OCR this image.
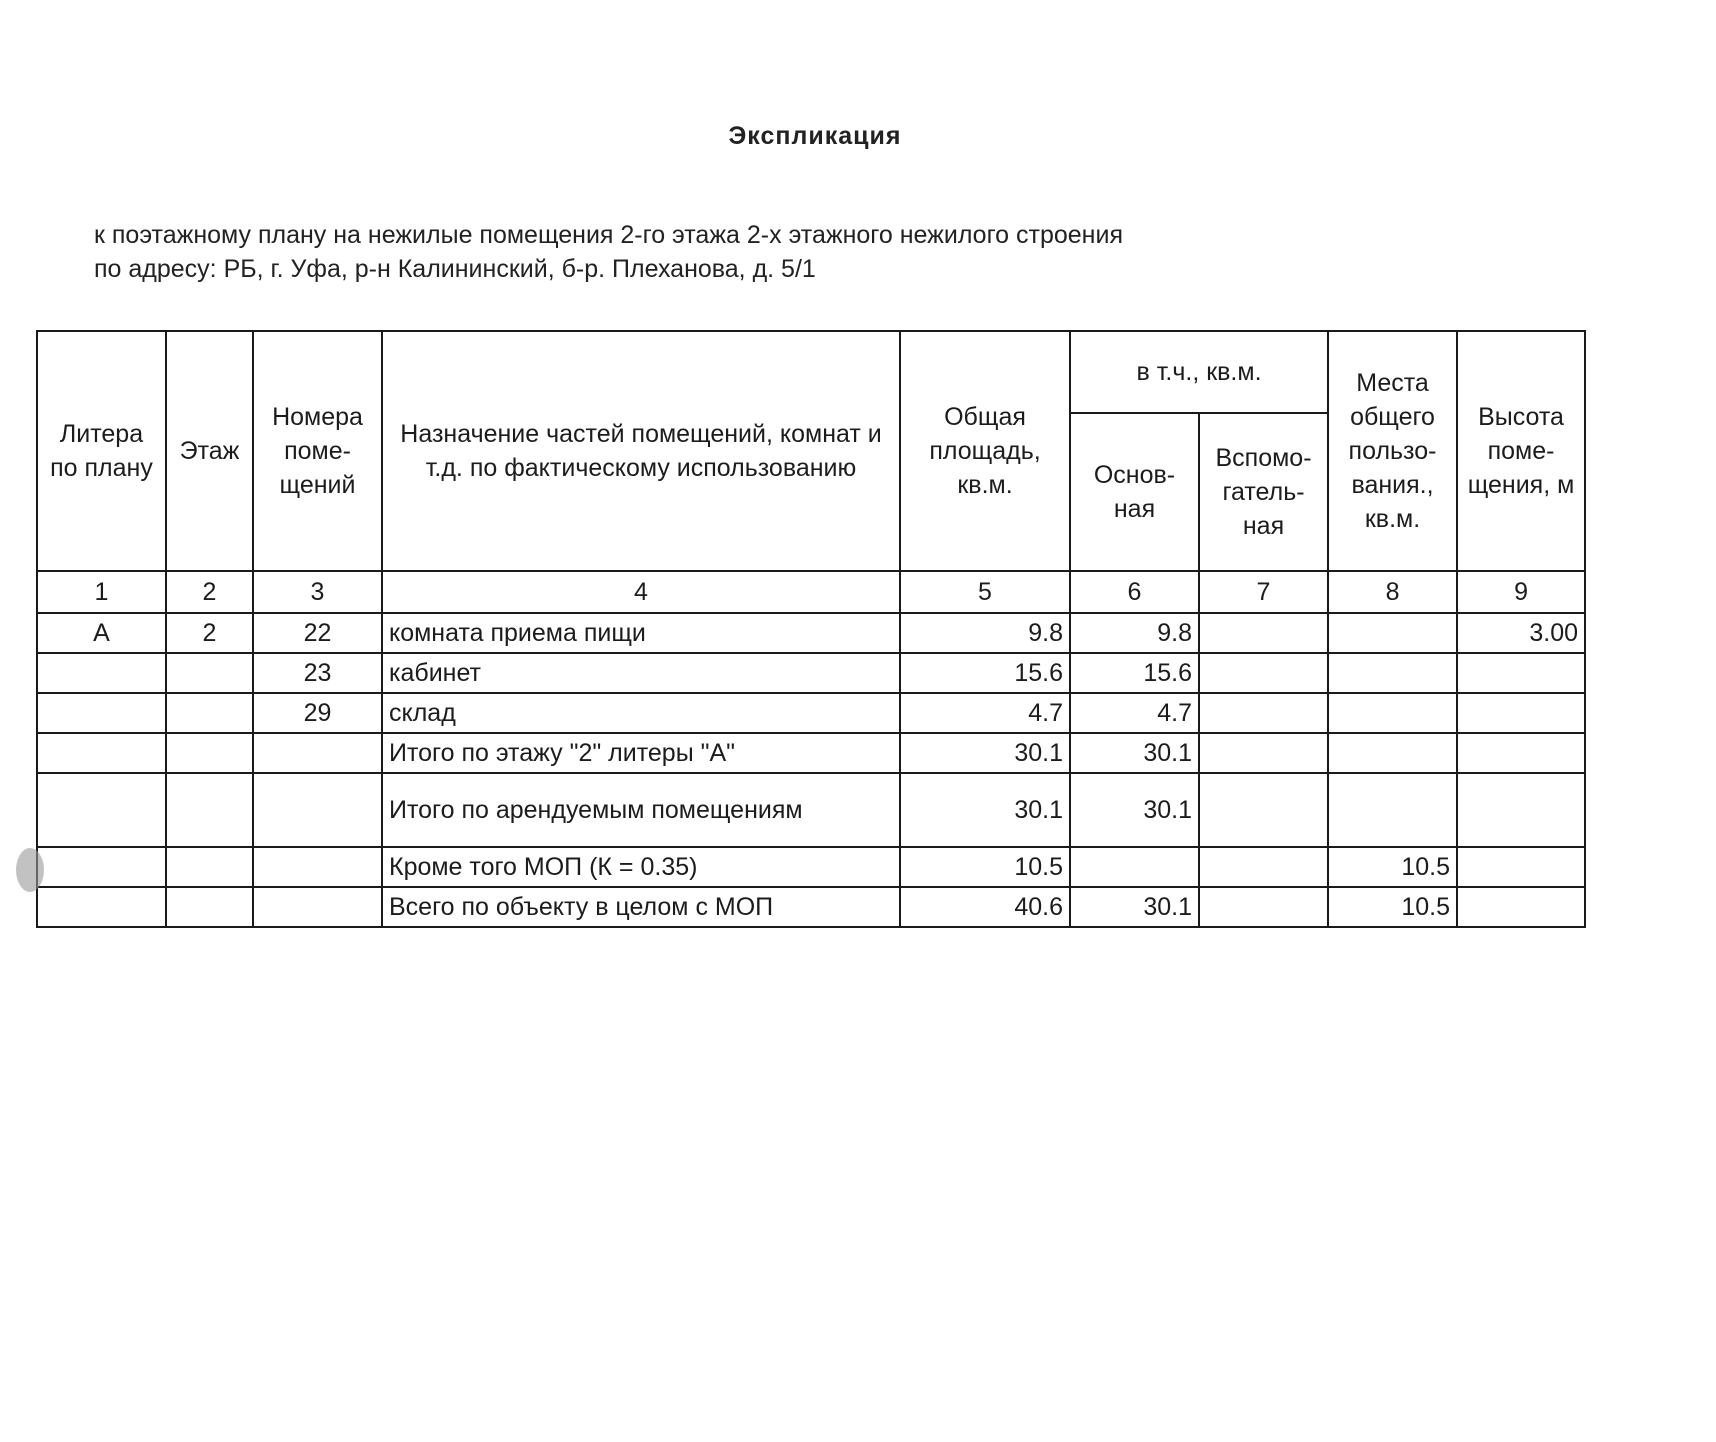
Экспликация
к поэтажному плану на нежилые помещения 2-го этажа 2-х этажного нежилого строения
по адресу: РБ, г. Уфа, р-н Калининский, б-р. Плеханова, д. 5/1
Литера по плану	Этаж	Номера поме-щений	Назначение частей помещений, комнат и т.д. по фактическому использованию	Общая площадь, кв.м.	в т.ч., кв.м.		Места общего пользо-вания., кв.м.	Высота поме-щения, м
					Основ-ная	Вспомо-гатель-ная		
1	2	3	4	5	6	7	8	9
А	2	22	комната приема пищи	9.8	9.8			3.00
		23	кабинет	15.6	15.6			
		29	склад	4.7	4.7			
			Итого по этажу "2" литеры "А"	30.1	30.1			
			Итого по арендуемым помещениям	30.1	30.1			
			Кроме того МОП (К = 0.35)	10.5			10.5	
			Всего по объекту в целом с МОП	40.6	30.1		10.5	
